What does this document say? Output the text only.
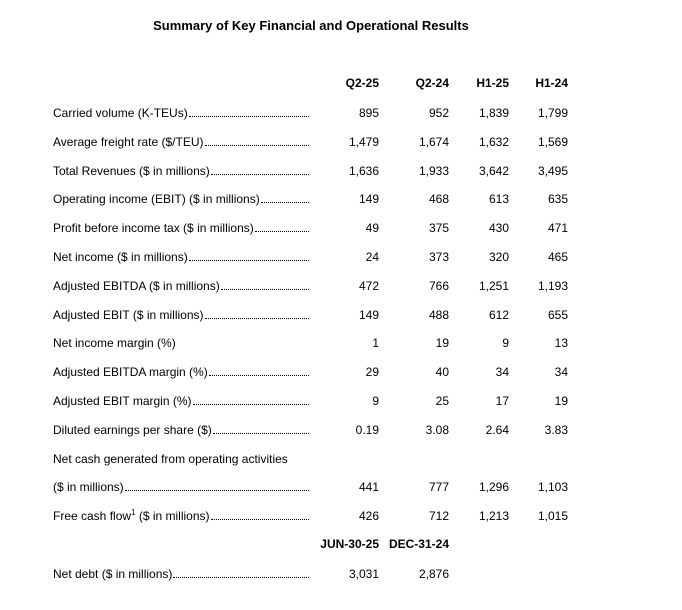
Summary of Key Financial and Operational Results
Q2-25	Q2-24	H1-25	H1-24
Carried volume (K-TEUs)	895	952	1,839	1,799
Average freight rate ($/TEU)	1,479	1,674	1,632	1,569
Total Revenues ($ in millions)	1,636	1,933	3,642	3,495
Operating income (EBIT) ($ in millions)	149	468	613	635
Profit before income tax ($ in millions)	49	375	430	471
Net income ($ in millions)	24	373	320	465
Adjusted EBITDA ($ in millions)	472	766	1,251	1,193
Adjusted EBIT ($ in millions)	149	488	612	655
Net income margin (%)	1	19	9	13
Adjusted EBITDA margin (%)	29	40	34	34
Adjusted EBIT margin (%)	9	25	17	19
Diluted earnings per share ($)	0.19	3.08	2.64	3.83
Net cash generated from operating activities
($ in millions)	441	777	1,296	1,103
Free cash flow$^1$ ($ in millions)	426	712	1,213	1,015
JUN-30-25 DEC-31-24
Net debt ($ in millions)	3,031	2,876
